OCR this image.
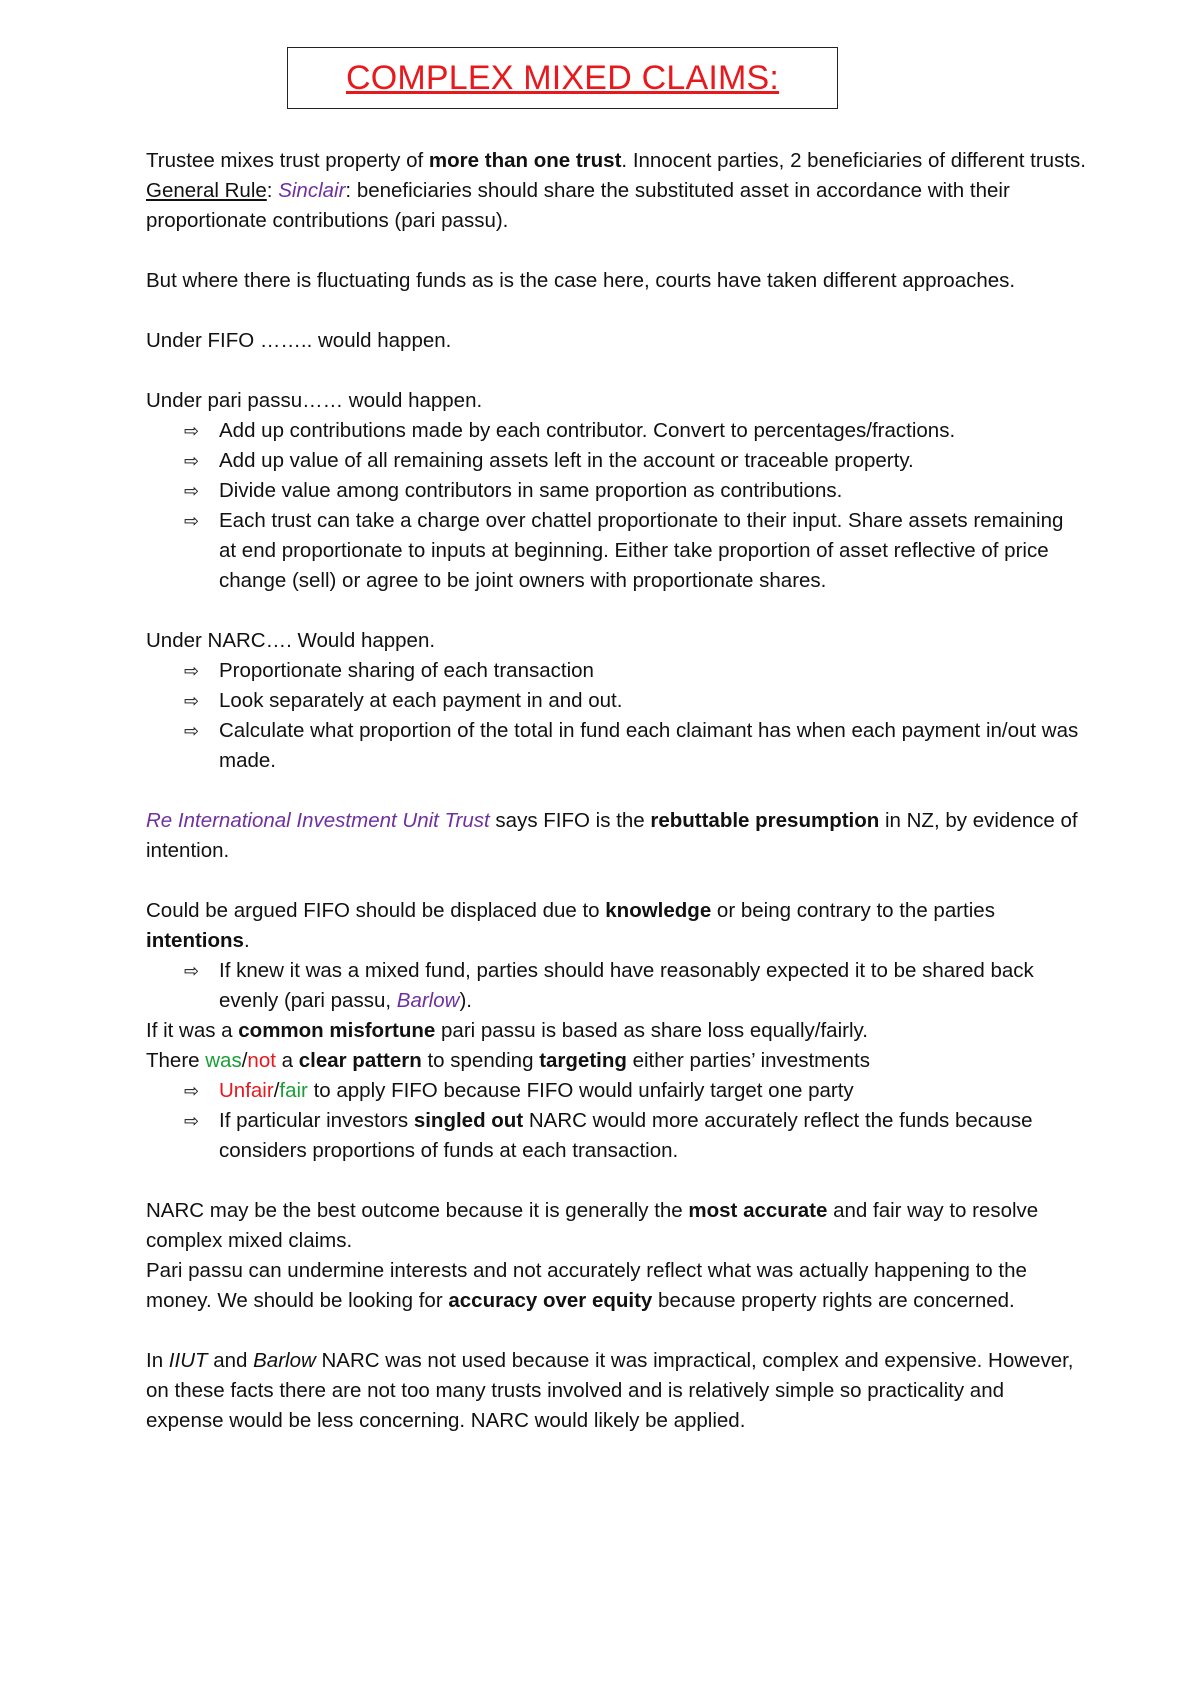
COMPLEX MIXED CLAIMS:

Trustee mixes trust property of more than one trust. Innocent parties, 2 beneficiaries of different trusts.

General Rule: Sinclair: beneficiaries should share the substituted asset in accordance with their proportionate contributions (pari passu).

But where there is fluctuating funds as is the case here, courts have taken different approaches.

Under FIFO …….. would happen.

Under pari passu…… would happen.

⇨ Add up contributions made by each contributor. Convert to percentages/fractions.
⇨ Add up value of all remaining assets left in the account or traceable property.
⇨ Divide value among contributors in same proportion as contributions.
⇨ Each trust can take a charge over chattel proportionate to their input. Share assets remaining at end proportionate to inputs at beginning. Either take proportion of asset reflective of price change (sell) or agree to be joint owners with proportionate shares.

Under NARC…. Would happen.

⇨ Proportionate sharing of each transaction
⇨ Look separately at each payment in and out.
⇨ Calculate what proportion of the total in fund each claimant has when each payment in/out was made.

Re International Investment Unit Trust says FIFO is the rebuttable presumption in NZ, by evidence of intention.

Could be argued FIFO should be displaced due to knowledge or being contrary to the parties intentions.

⇨ If knew it was a mixed fund, parties should have reasonably expected it to be shared back evenly (pari passu, Barlow).

If it was a common misfortune pari passu is based as share loss equally/fairly.

There was/not a clear pattern to spending targeting either parties’ investments

⇨ Unfair/fair to apply FIFO because FIFO would unfairly target one party
⇨ If particular investors singled out NARC would more accurately reflect the funds because considers proportions of funds at each transaction.

NARC may be the best outcome because it is generally the most accurate and fair way to resolve complex mixed claims.

Pari passu can undermine interests and not accurately reflect what was actually happening to the money. We should be looking for accuracy over equity because property rights are concerned.

In IIUT and Barlow NARC was not used because it was impractical, complex and expensive. However, on these facts there are not too many trusts involved and is relatively simple so practicality and expense would be less concerning. NARC would likely be applied.
